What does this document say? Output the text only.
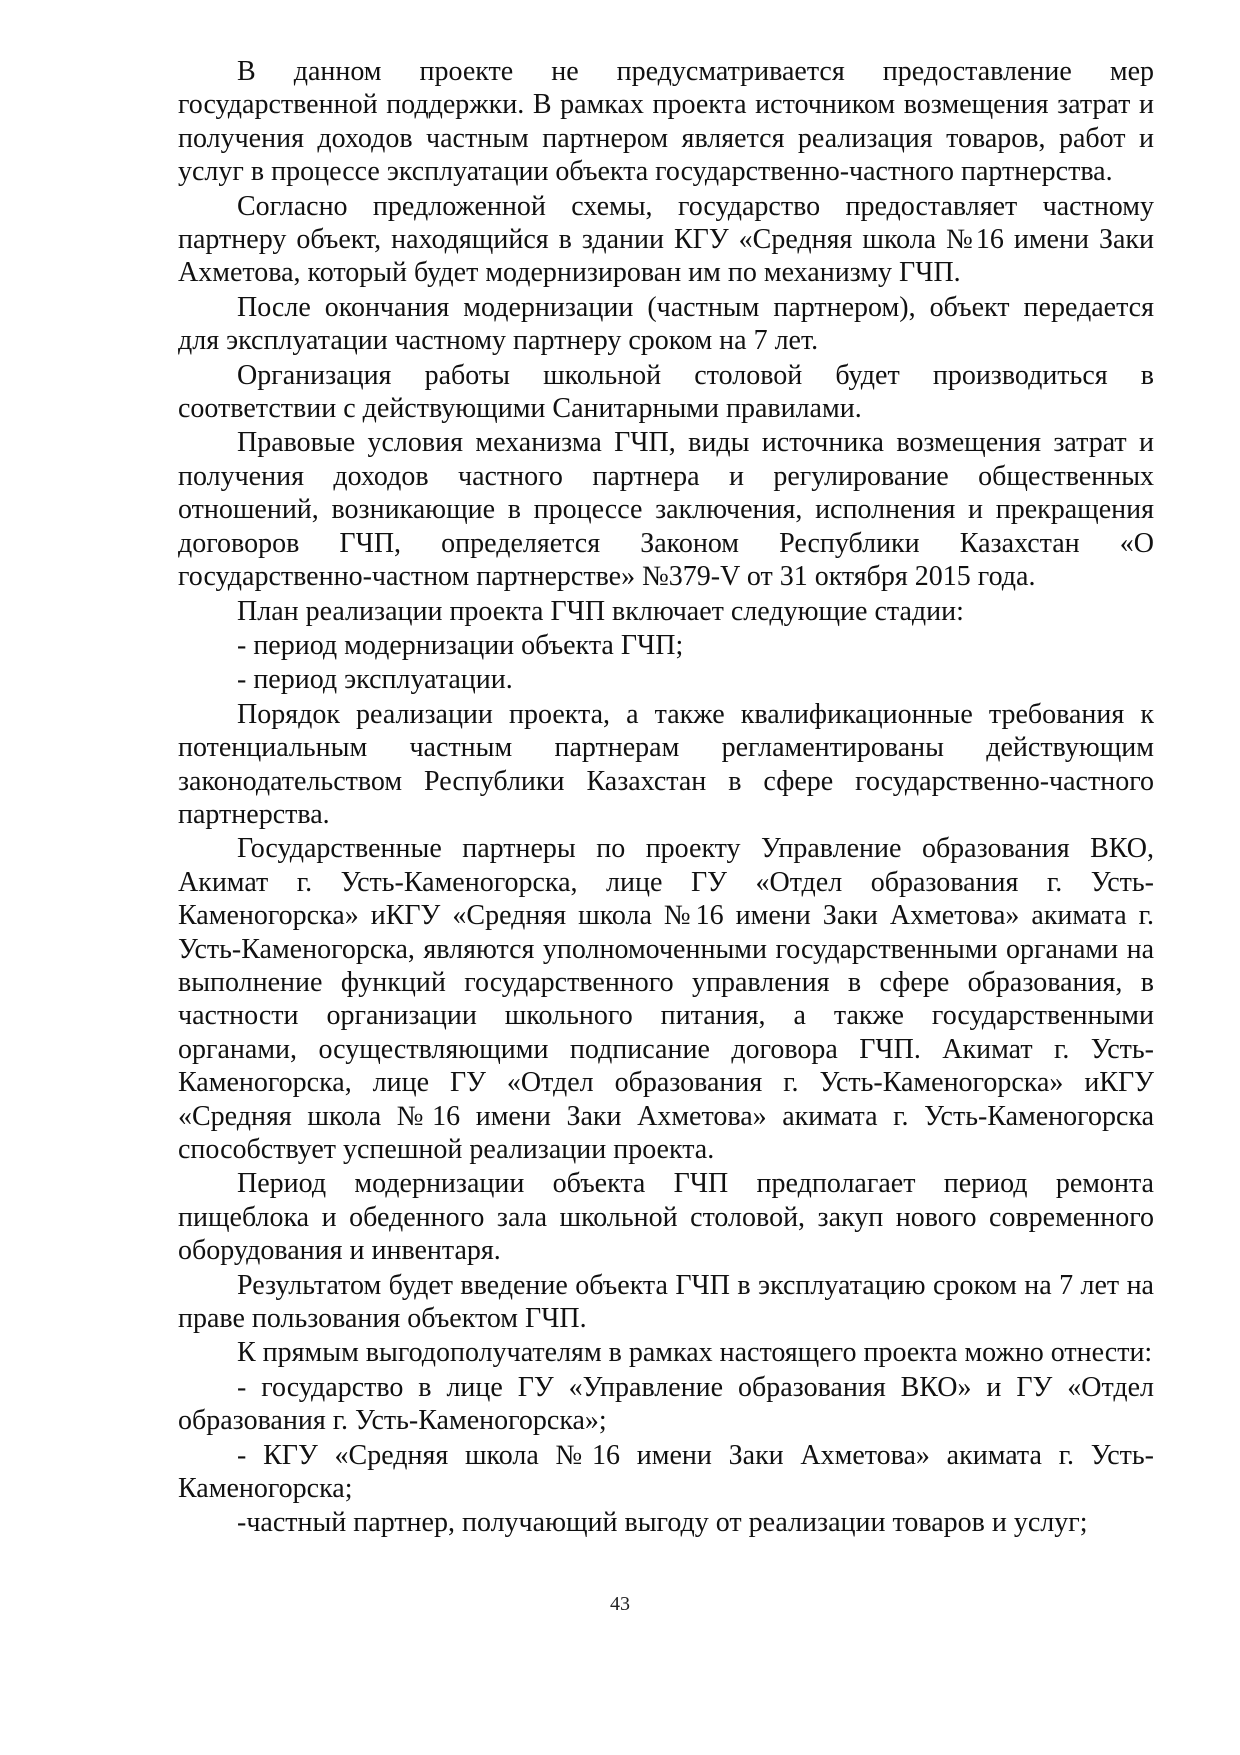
В данном проекте не предусматривается предоставление мер государственной поддержки. В рамках проекта источником возмещения затрат и получения доходов частным партнером является реализация товаров, работ и услуг в процессе эксплуатации объекта государственно-частного партнерства.

Согласно предложенной схемы, государство предоставляет частному партнеру объект, находящийся в здании КГУ «Средняя школа №16 имени Заки Ахметова, который будет модернизирован им по механизму ГЧП.

После окончания модернизации (частным партнером), объект передается для эксплуатации частному партнеру сроком на 7 лет.

Организация работы школьной столовой будет производиться в соответствии с действующими Санитарными правилами.

Правовые условия механизма ГЧП, виды источника возмещения затрат и получения доходов частного партнера и регулирование общественных отношений, возникающие в процессе заключения, исполнения и прекращения договоров ГЧП, определяется Законом Республики Казахстан «О государственно-частном партнерстве» №379-V от 31 октября 2015 года.

План реализации проекта ГЧП включает следующие стадии:

- период модернизации объекта ГЧП;

- период эксплуатации.

Порядок реализации проекта, а также квалификационные требования к потенциальным частным партнерам регламентированы действующим законодательством Республики Казахстан в сфере государственно-частного партнерства.

Государственные партнеры по проекту Управление образования ВКО, Акимат г. Усть-Каменогорска, лице ГУ «Отдел образования г. Усть-Каменогорска» иКГУ «Средняя школа №16 имени Заки Ахметова» акимата г. Усть-Каменогорска, являются уполномоченными государственными органами на выполнение функций государственного управления в сфере образования, в частности организации школьного питания, а также государственными органами, осуществляющими подписание договора ГЧП. Акимат г. Усть-Каменогорска, лице ГУ «Отдел образования г. Усть-Каменогорска» иКГУ «Средняя школа №16 имени Заки Ахметова» акимата г. Усть-Каменогорска способствует успешной реализации проекта.

Период модернизации объекта ГЧП предполагает период ремонта пищеблока и обеденного зала школьной столовой, закуп нового современного оборудования и инвентаря.

Результатом будет введение объекта ГЧП в эксплуатацию сроком на 7 лет на праве пользования объектом ГЧП.

К прямым выгодополучателям в рамках настоящего проекта можно отнести:

- государство в лице ГУ «Управление образования ВКО» и ГУ «Отдел образования г. Усть-Каменогорска»;

- КГУ «Средняя школа №16 имени Заки Ахметова» акимата г. Усть-Каменогорска;

-частный партнер, получающий выгоду от реализации товаров и услуг;

43
